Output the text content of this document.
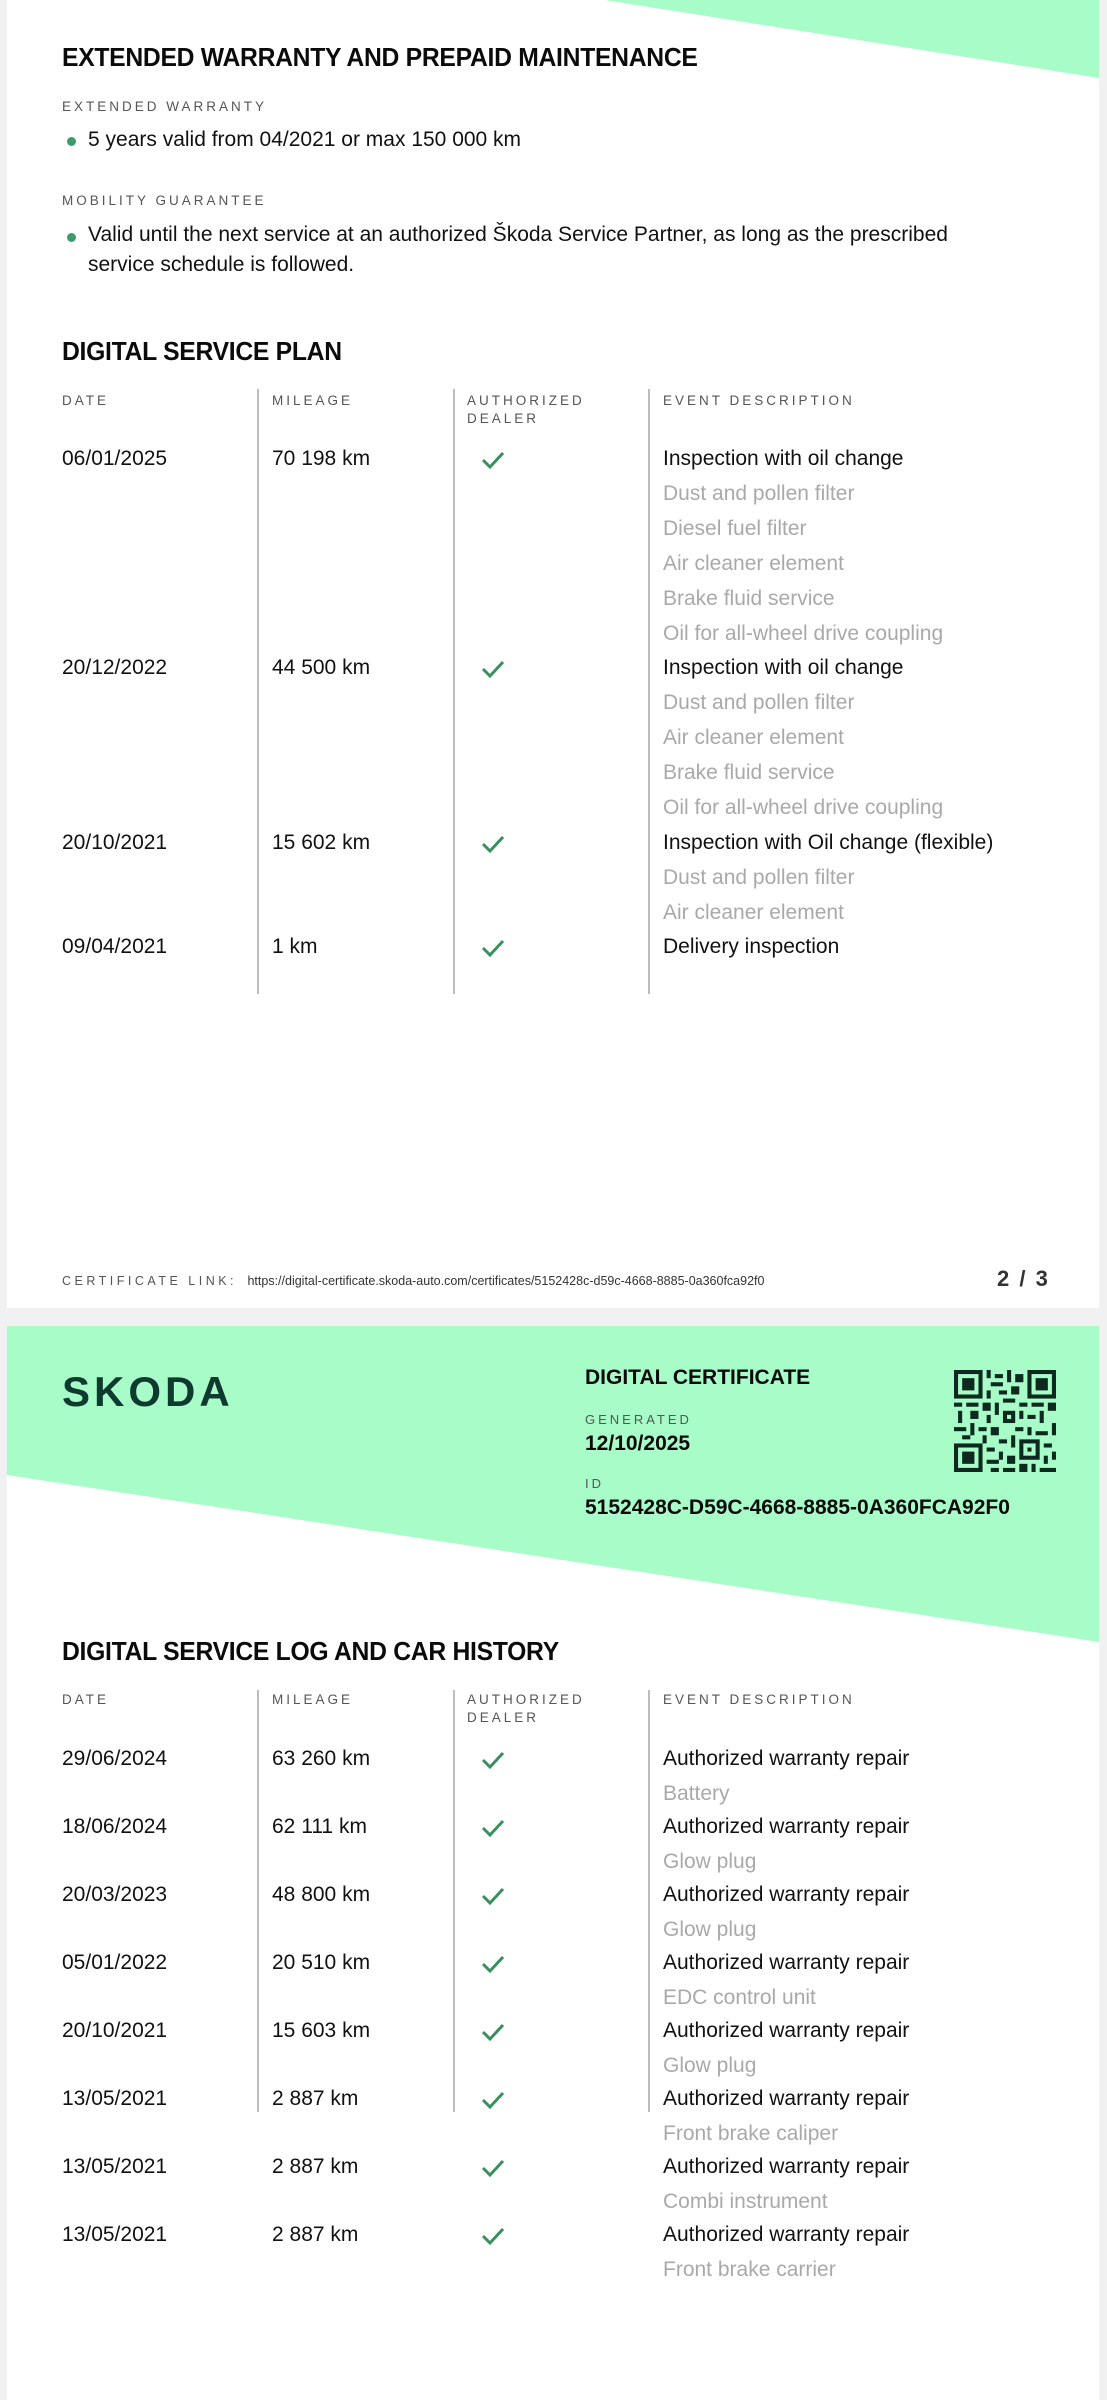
EXTENDED WARRANTY AND PREPAID MAINTENANCE
EXTENDED WARRANTY
5 years valid from 04/2021 or max 150 000 km
MOBILITY GUARANTEE
Valid until the next service at an authorized Škoda Service Partner, as long as the prescribed service schedule is followed.
DIGITAL SERVICE PLAN
DATE	MILEAGE	AUTHORIZED
DEALER
EVENT DESCRIPTION
06/01/2025	70 198 km	Inspection with oil change
Dust and pollen filter
Diesel fuel filter
Air cleaner element
Brake fluid service
Oil for all-wheel drive coupling
20/12/2022	44 500 km	Inspection with oil change
Dust and pollen filter
Air cleaner element
Brake fluid service
Oil for all-wheel drive coupling
20/10/2021	15 602 km	Inspection with Oil change (flexible)
Dust and pollen filter
Air cleaner element
09/04/2021	1 km	Delivery inspection
CERTIFICATE LINK: https://digital-certificate.skoda-auto.com/certificates/5152428c-d59c-4668-8885-0a360fca92f0	2 / 3
SKODA	DIGITAL CERTIFICATE
GENERATED
12/10/2025
ID
5152428C-D59C-4668-8885-0A360FCA92F0
DIGITAL SERVICE LOG AND CAR HISTORY
DATE	MILEAGE	AUTHORIZED
DEALER
EVENT DESCRIPTION
29/06/2024	63 260 km	Authorized warranty repair
Battery
18/06/2024	62 111 km	Authorized warranty repair
Glow plug
20/03/2023	48 800 km	Authorized warranty repair
Glow plug
05/01/2022	20 510 km	Authorized warranty repair
EDC control unit
20/10/2021	15 603 km	Authorized warranty repair
Glow plug
13/05/2021	2 887 km	Authorized warranty repair
Front brake caliper
13/05/2021	2 887 km	Authorized warranty repair
Combi instrument
13/05/2021	2 887 km	Authorized warranty repair
Front brake carrier
